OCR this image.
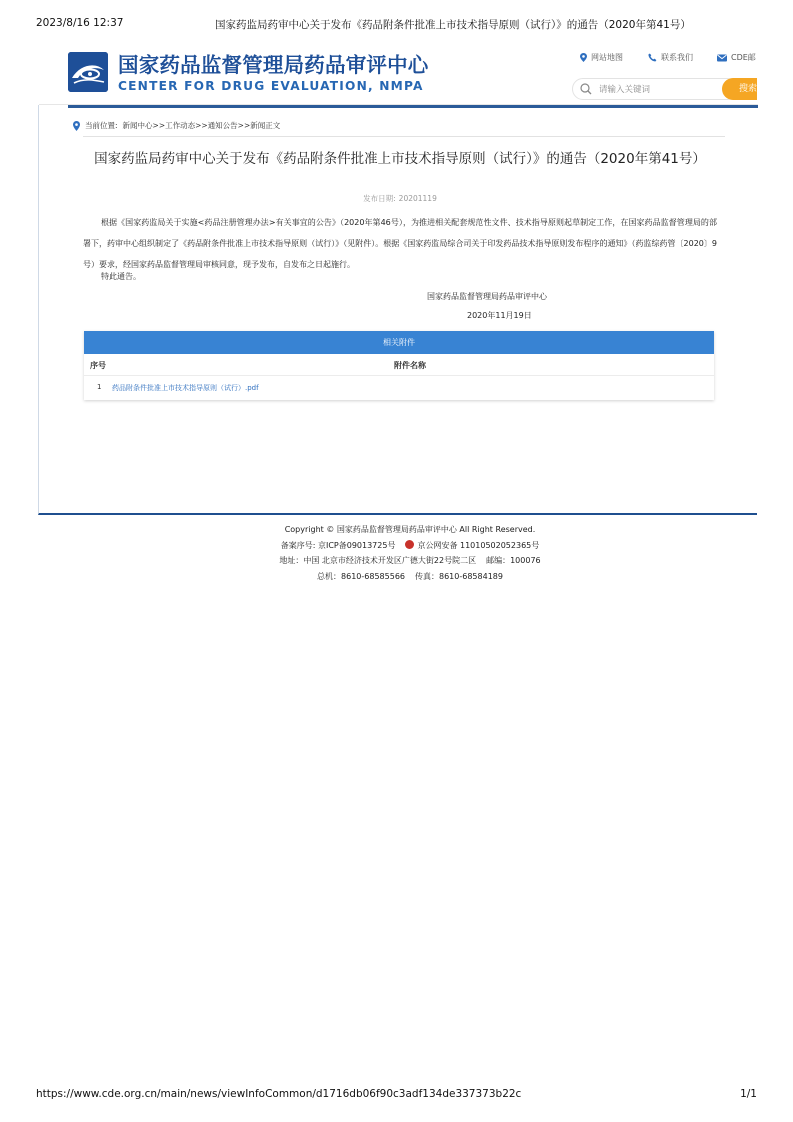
2023/8/16 12:37	国家药监局药审中心关于发布《药品附条件批准上市技术指导原则（试行）》的通告（2020年第41号）
国家药品监督管理局药品审评中心
CENTER FOR DRUG EVALUATION, NMPA
网站地图	联系我们	CDE邮
请输入关键词
搜索
当前位置: 新闻中心>>工作动态>>通知公告>>新闻正文
国家药监局药审中心关于发布《药品附条件批准上市技术指导原则（试行）》的通告（2020年第41号）
发布日期: 20201119

根据《国家药监局关于实施<药品注册管理办法>有关事宜的公告》（2020年第46号），为推进相关配套规范性文件、技术指导原则起草制定工作，在国家药品监督管理局的部署下，药审中心组织制定了《药品附条件批准上市技术指导原则（试行）》（见附件）。根据《国家药监局综合司关于印发药品技术指导原则发布程序的通知》（药监综药管〔2020〕9号）要求，经国家药品监督管理局审核同意，现予发布，自发布之日起施行。

特此通告。
国家药品监督管理局药品审评中心
2020年11月19日
相关附件
序号	附件名称
1 药品附条件批准上市技术指导原则（试行）.pdf
Copyright © 国家药品监督管理局药品审评中心 All Right Reserved.
备案序号: 京ICP备09013725号	京公网安备 11010502052365号
地址：中国 北京市经济技术开发区广德大街22号院二区 邮编：100076
总机：8610-68585566 传真：8610-68584189
https://www.cde.org.cn/main/news/viewInfoCommon/d1716db06f90c3adf134de337373b22c	1/1
